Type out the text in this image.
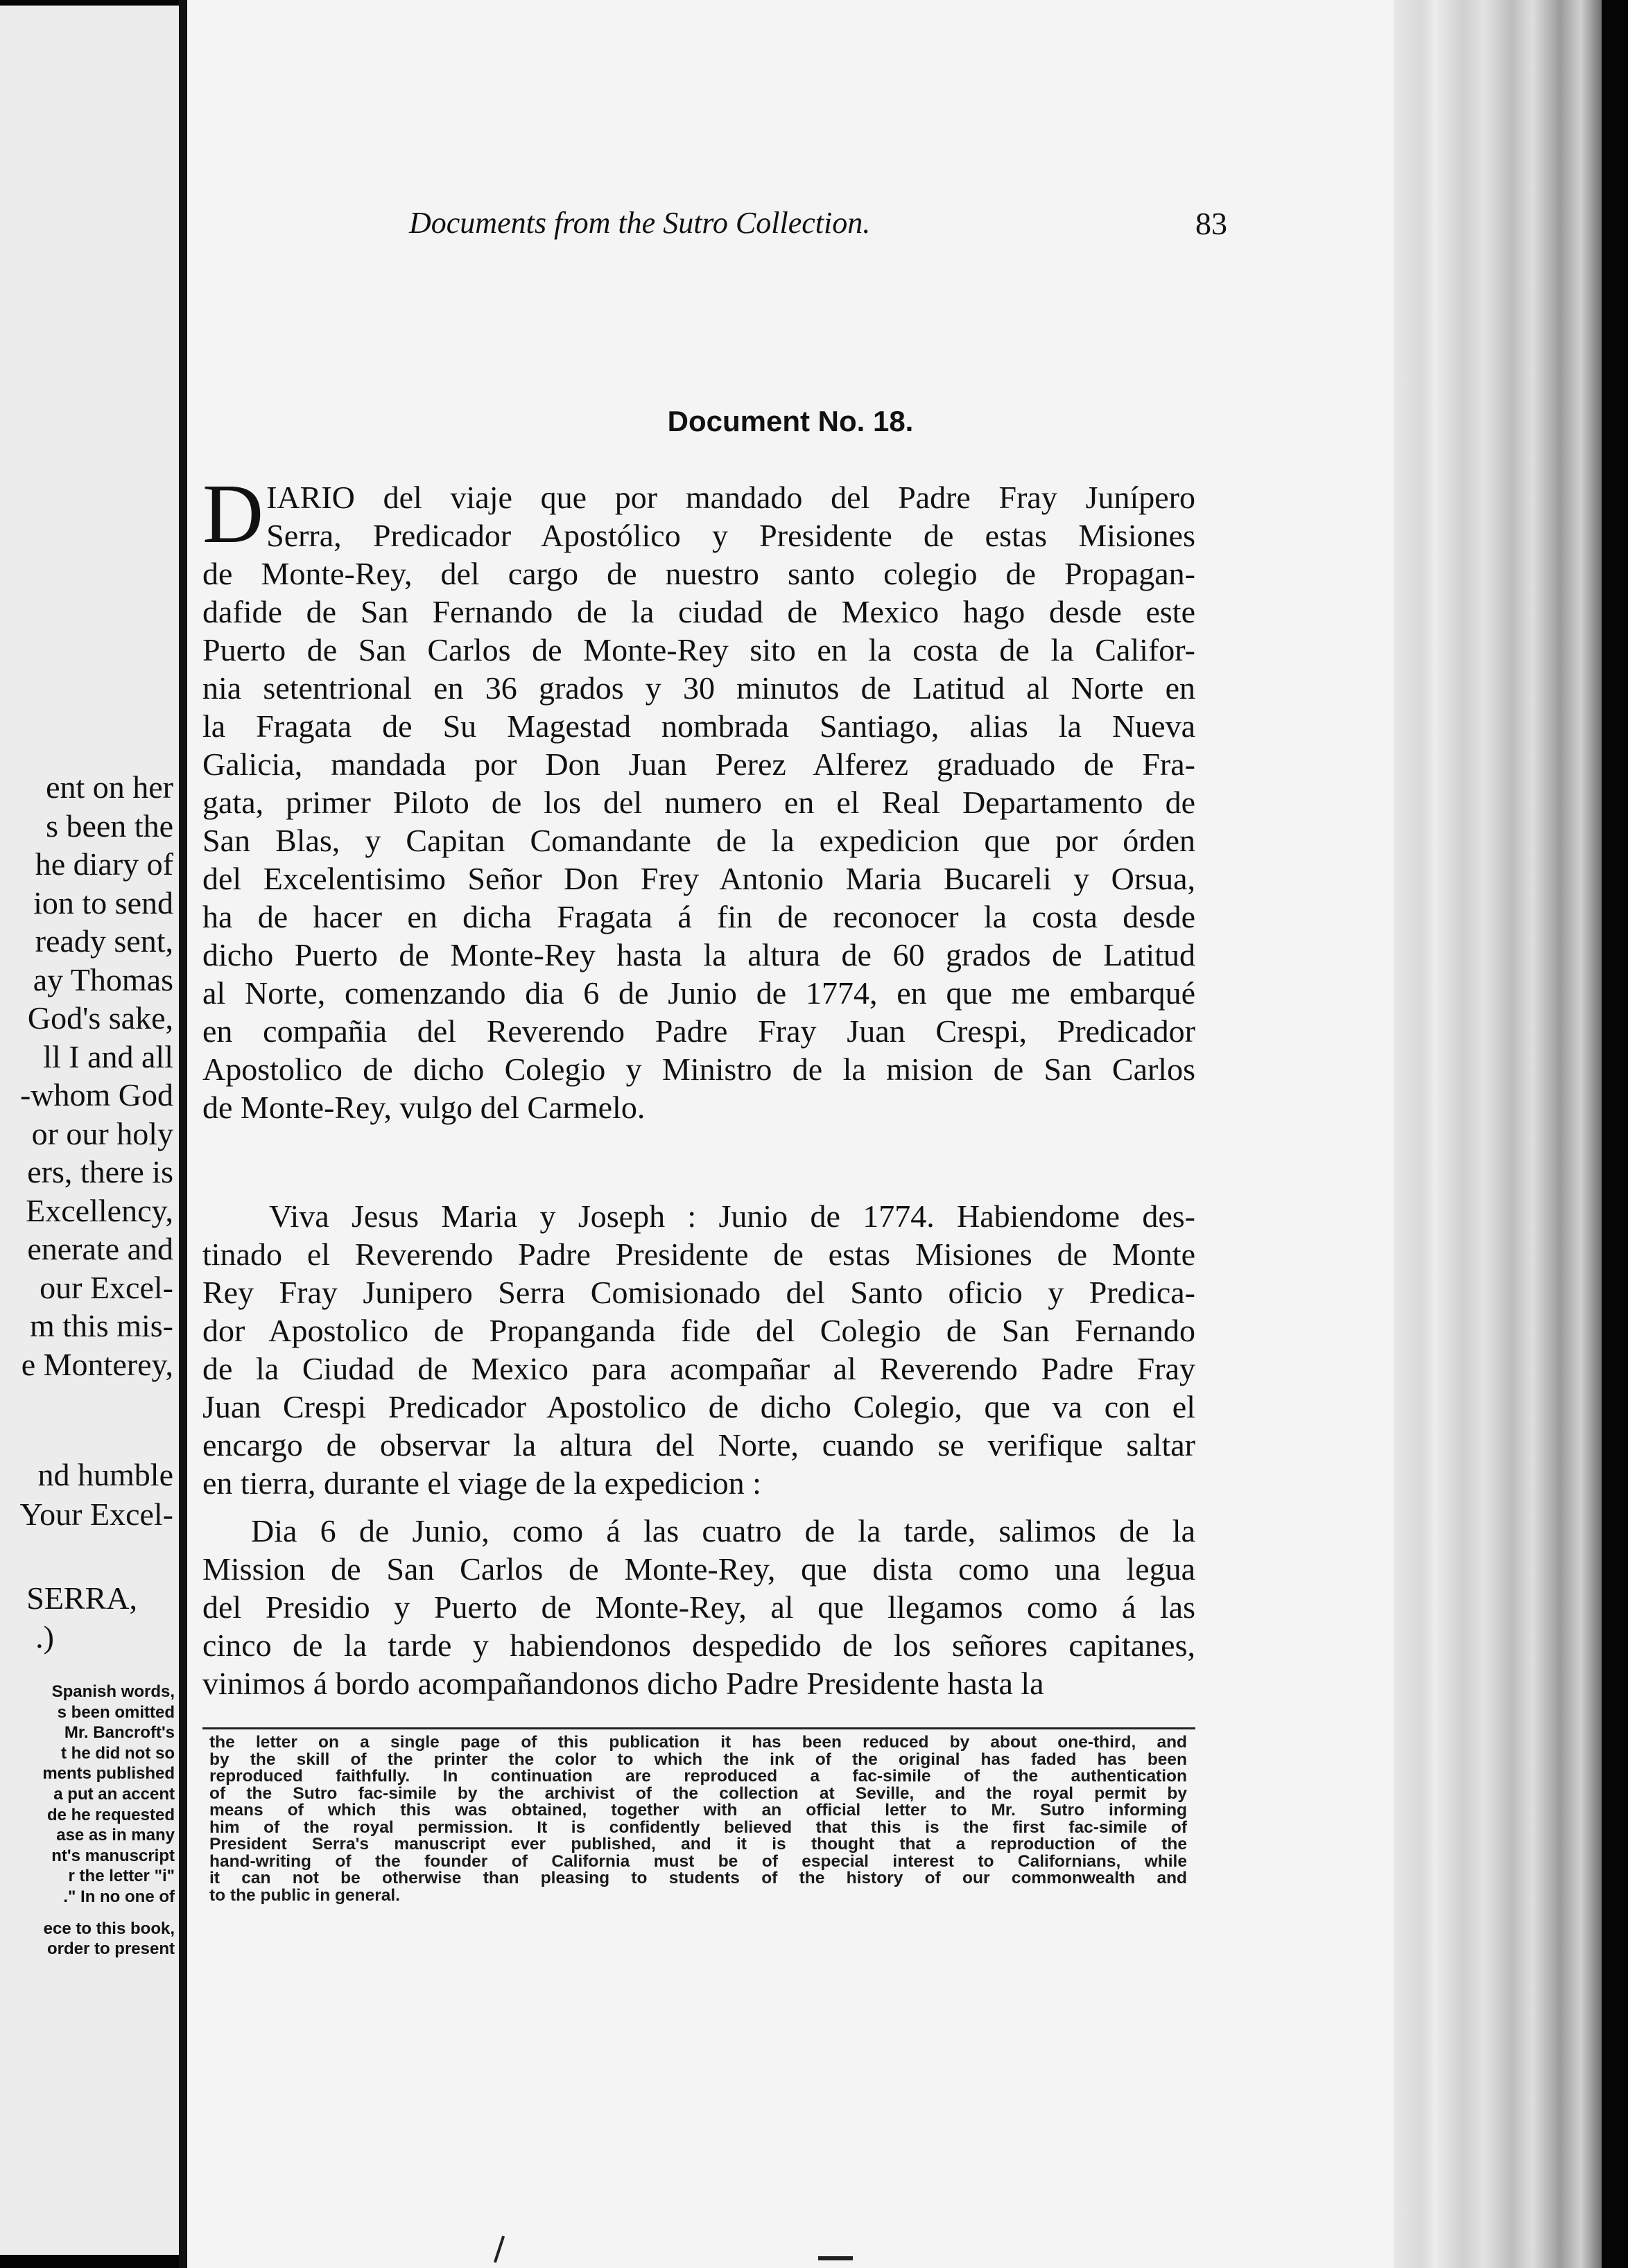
ent on her
s been the
he diary of
ion to send
ready sent,
ay Thomas
God's sake,
ll I and all
-whom God
or our holy
ers, there is
Excellency,
enerate and
our Excel-
m this mis-
e Monterey,
nd humble
Your Excel-
SERRA,
.)
Spanish words,
s been omitted
Mr. Bancroft's
t he did not so
ments published
a put an accent
de he requested
ase as in many
nt's manuscript
r the letter "i"
." In no one of
ece to this book,
order to present
Documents from the Sutro Collection.	83
Document No. 18.
D IARIO del viaje que por mandado del Padre Fray Junípero
Serra, Predicador Apostólico y Presidente de estas Misiones
de Monte-Rey, del cargo de nuestro santo colegio de Propagan-
dafide de San Fernando de la ciudad de Mexico hago desde este
Puerto de San Carlos de Monte-Rey sito en la costa de la Califor-
nia setentrional en 36 grados y 30 minutos de Latitud al Norte en
la Fragata de Su Magestad nombrada Santiago, alias la Nueva
Galicia, mandada por Don Juan Perez Alferez graduado de Fra-
gata, primer Piloto de los del numero en el Real Departamento de
San Blas, y Capitan Comandante de la expedicion que por órden
del Excelentisimo Señor Don Frey Antonio Maria Bucareli y Orsua,
ha de hacer en dicha Fragata á fin de reconocer la costa desde
dicho Puerto de Monte-Rey hasta la altura de 60 grados de Latitud
al Norte, comenzando dia 6 de Junio de 1774, en que me embarqué
en compañia del Reverendo Padre Fray Juan Crespi, Predicador
Apostolico de dicho Colegio y Ministro de la mision de San Carlos
de Monte-Rey, vulgo del Carmelo.
Viva Jesus Maria y Joseph : Junio de 1774. Habiendome des-
tinado el Reverendo Padre Presidente de estas Misiones de Monte
Rey Fray Junipero Serra Comisionado del Santo oficio y Predica-
dor Apostolico de Propanganda fide del Colegio de San Fernando
de la Ciudad de Mexico para acompañar al Reverendo Padre Fray
Juan Crespi Predicador Apostolico de dicho Colegio, que va con el
encargo de observar la altura del Norte, cuando se verifique saltar
en tierra, durante el viage de la expedicion :
Dia 6 de Junio, como á las cuatro de la tarde, salimos de la
Mission de San Carlos de Monte-Rey, que dista como una legua
del Presidio y Puerto de Monte-Rey, al que llegamos como á las
cinco de la tarde y habiendonos despedido de los señores capitanes,
vinimos á bordo acompañandonos dicho Padre Presidente hasta la
the letter on a single page of this publication it has been reduced by about one-third, and
by the skill of the printer the color to which the ink of the original has faded has been
reproduced faithfully. In continuation are reproduced a fac-simile of the authentication
of the Sutro fac-simile by the archivist of the collection at Seville, and the royal permit by
means of which this was obtained, together with an official letter to Mr. Sutro informing
him of the royal permission. It is confidently believed that this is the first fac-simile of
President Serra's manuscript ever published, and it is thought that a reproduction of the
hand-writing of the founder of California must be of especial interest to Californians, while
it can not be otherwise than pleasing to students of the history of our commonwealth and
to the public in general.
